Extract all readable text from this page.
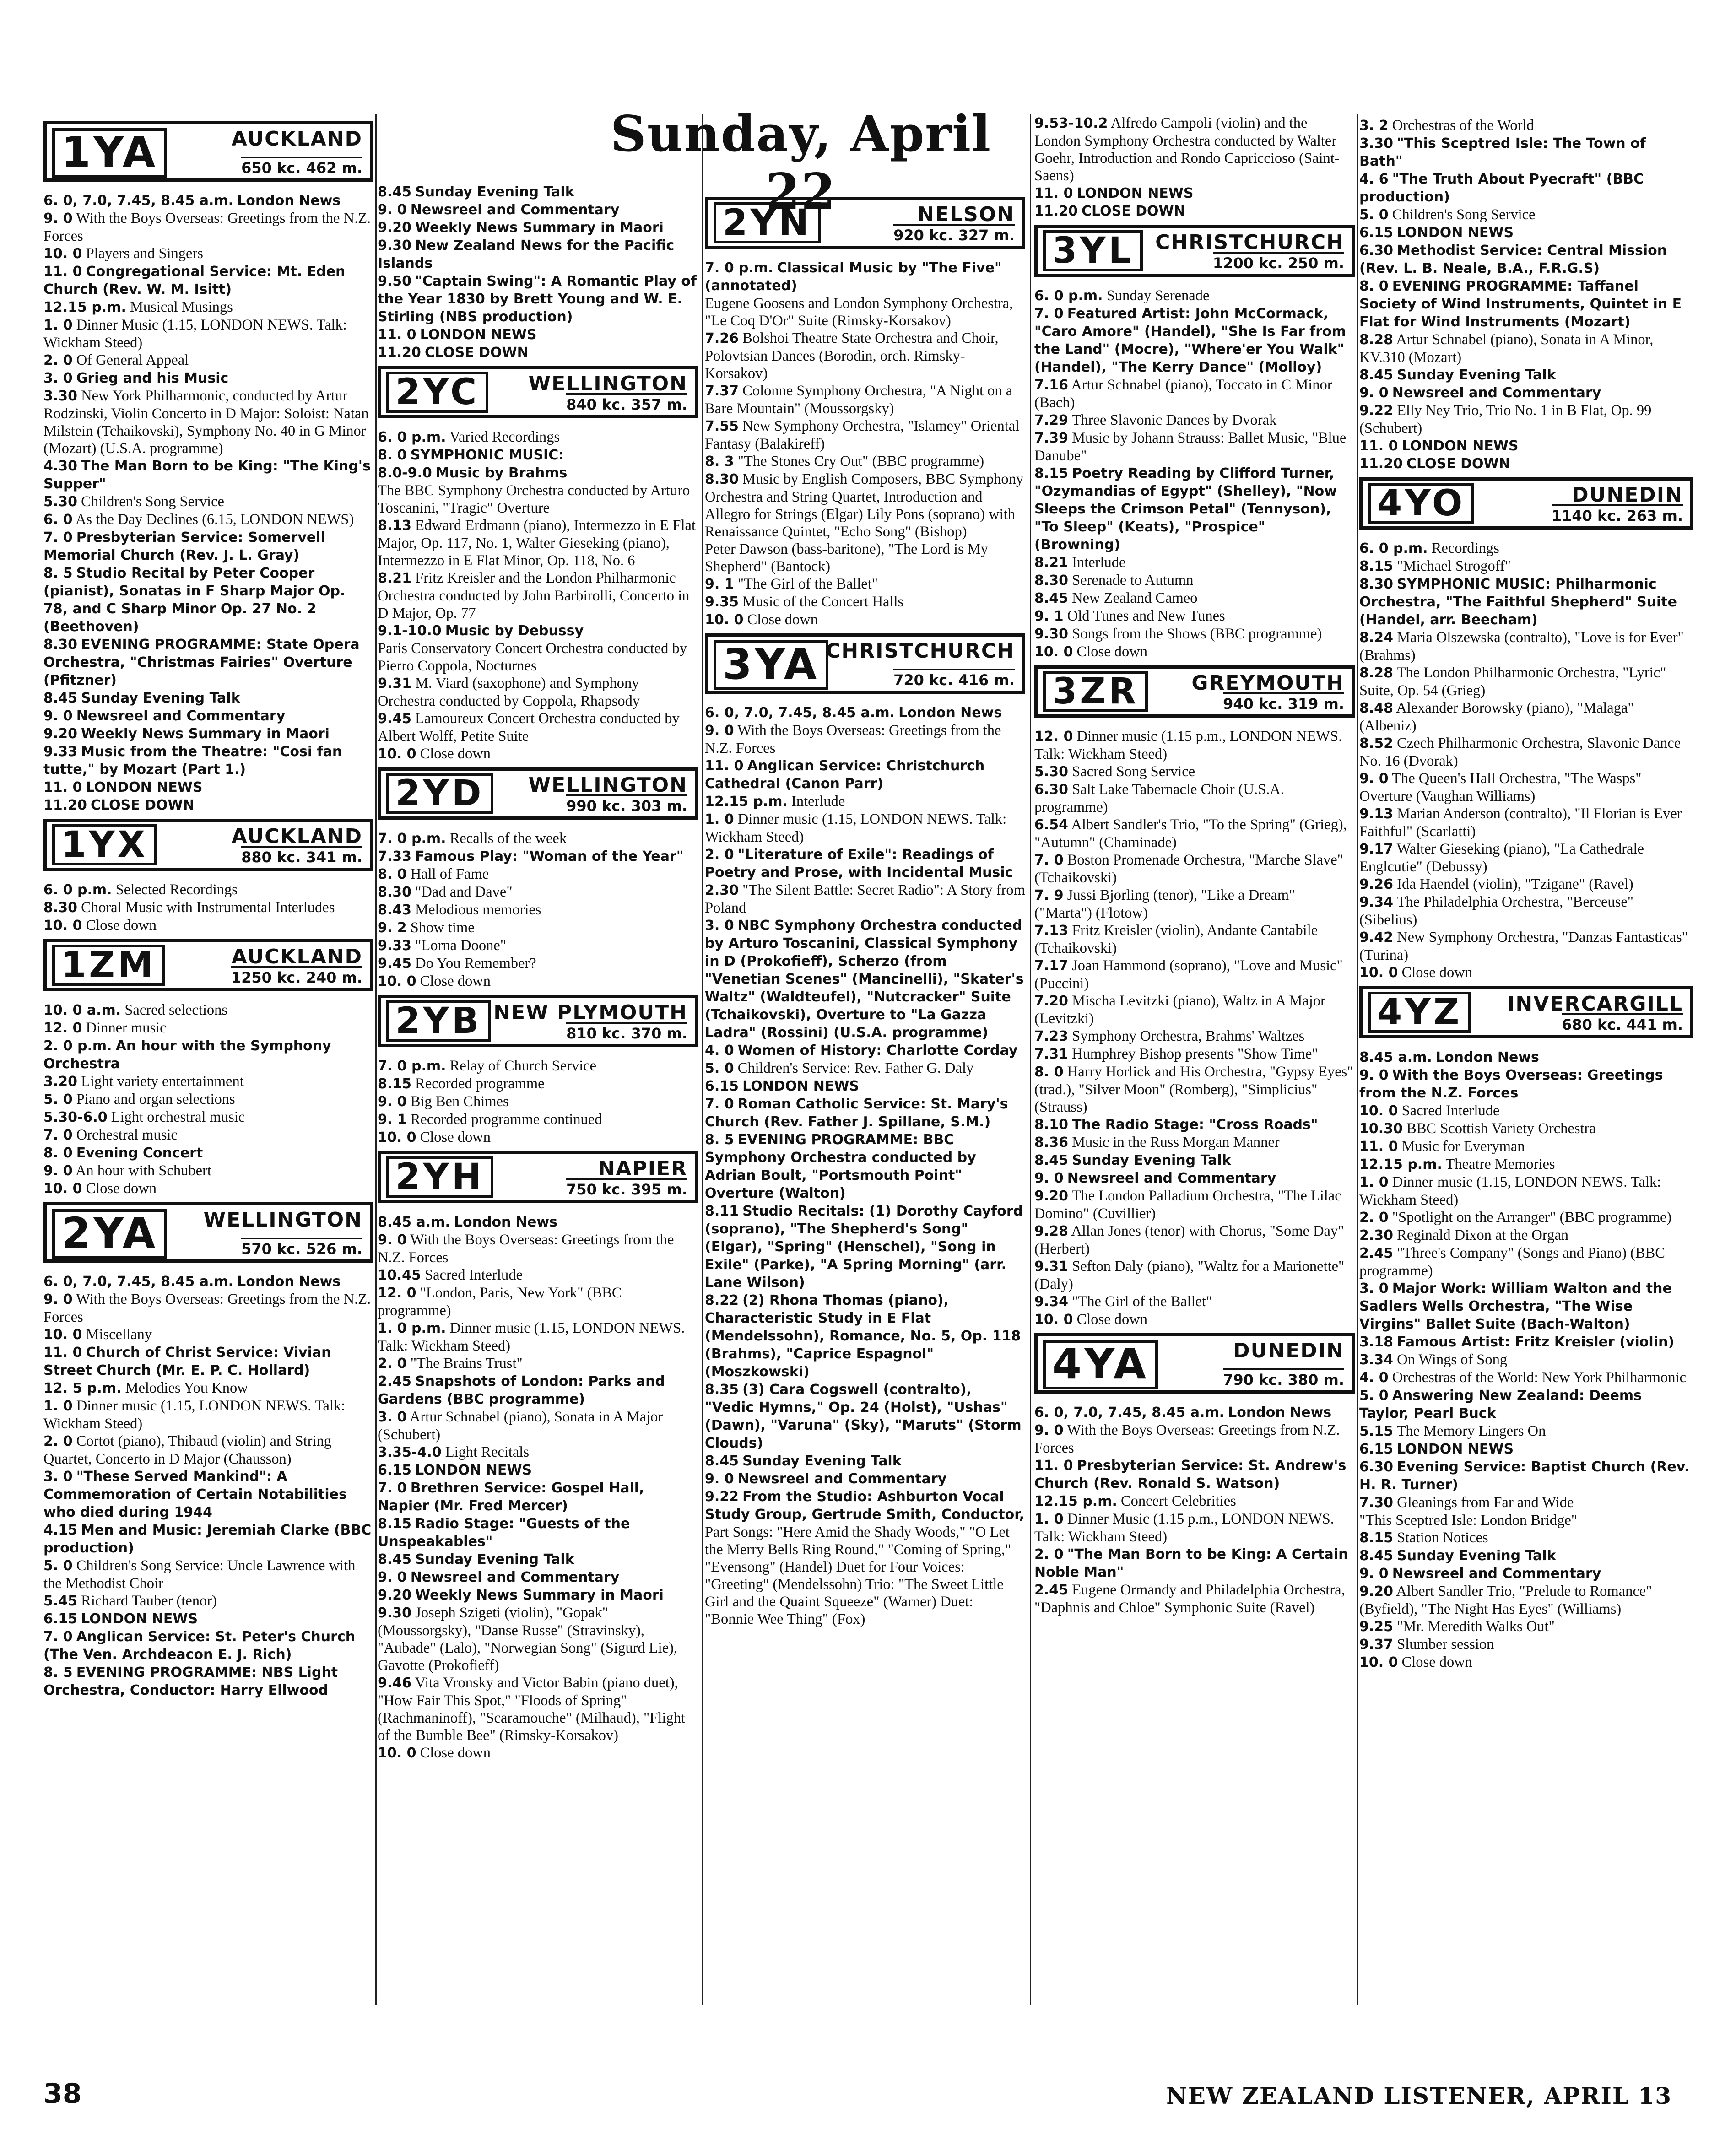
Sunday, April 22
1YA	AUCKLAND
650 kc. 462 m.

6. 0, 7.0, 7.45, 8.45 a.m. London News

9. 0 With the Boys Overseas: Greetings from the N.Z. Forces

10. 0 Players and Singers

11. 0 Congregational Service: Mt. Eden Church (Rev. W. M. Isitt)

12.15 p.m. Musical Musings

1. 0 Dinner Music (1.15, LONDON NEWS. Talk: Wickham Steed)

2. 0 Of General Appeal

3. 0 Grieg and his Music

3.30 New York Philharmonic, conducted by Artur Rodzinski, Violin Concerto in D Major: Soloist: Natan Milstein (Tchaikovski), Symphony No. 40 in G Minor (Mozart) (U.S.A. programme)

4.30 The Man Born to be King: "The King's Supper"

5.30 Children's Song Service

6. 0 As the Day Declines (6.15, LONDON NEWS)

7. 0 Presbyterian Service: Somervell Memorial Church (Rev. J. L. Gray)

8. 5 Studio Recital by Peter Cooper (pianist), Sonatas in F Sharp Major Op. 78, and C Sharp Minor Op. 27 No. 2 (Beethoven)

8.30 EVENING PROGRAMME: State Opera Orchestra, "Christmas Fairies" Overture (Pfitzner)

8.45 Sunday Evening Talk

9. 0 Newsreel and Commentary

9.20 Weekly News Summary in Maori

9.33 Music from the Theatre: "Cosi fan tutte," by Mozart (Part 1.)

11. 0 LONDON NEWS

11.20 CLOSE DOWN

1YX	AUCKLAND
880 kc. 341 m.

6. 0 p.m. Selected Recordings

8.30 Choral Music with Instrumental Interludes

10. 0 Close down

1ZM	AUCKLAND
1250 kc. 240 m.

10. 0 a.m. Sacred selections

12. 0 Dinner music

2. 0 p.m. An hour with the Symphony Orchestra

3.20 Light variety entertainment

5. 0 Piano and organ selections

5.30-6.0 Light orchestral music

7. 0 Orchestral music

8. 0 Evening Concert

9. 0 An hour with Schubert

10. 0 Close down

2YA	WELLINGTON
570 kc. 526 m.

6. 0, 7.0, 7.45, 8.45 a.m. London News

9. 0 With the Boys Overseas: Greetings from the N.Z. Forces

10. 0 Miscellany

11. 0 Church of Christ Service: Vivian Street Church (Mr. E. P. C. Hollard)

12. 5 p.m. Melodies You Know

1. 0 Dinner music (1.15, LONDON NEWS. Talk: Wickham Steed)

2. 0 Cortot (piano), Thibaud (violin) and String Quartet, Concerto in D Major (Chausson)

3. 0 "These Served Mankind": A Commemoration of Certain Notabilities who died during 1944

4.15 Men and Music: Jeremiah Clarke (BBC production)

5. 0 Children's Song Service: Uncle Lawrence with the Methodist Choir

5.45 Richard Tauber (tenor)

6.15 LONDON NEWS

7. 0 Anglican Service: St. Peter's Church (The Ven. Archdeacon E. J. Rich)

8. 5 EVENING PROGRAMME: NBS Light Orchestra, Conductor: Harry Ellwood

8.45 Sunday Evening Talk

9. 0 Newsreel and Commentary

9.20 Weekly News Summary in Maori

9.30 New Zealand News for the Pacific Islands

9.50 "Captain Swing": A Romantic Play of the Year 1830 by Brett Young and W. E. Stirling (NBS production)

11. 0 LONDON NEWS

11.20 CLOSE DOWN

2YC	WELLINGTON
840 kc. 357 m.

6. 0 p.m. Varied Recordings

8. 0 SYMPHONIC MUSIC:

8.0-9.0 Music by Brahms

The BBC Symphony Orchestra conducted by Arturo Toscanini, "Tragic" Overture

8.13 Edward Erdmann (piano), Intermezzo in E Flat Major, Op. 117, No. 1, Walter Gieseking (piano), Intermezzo in E Flat Minor, Op. 118, No. 6

8.21 Fritz Kreisler and the London Philharmonic Orchestra conducted by John Barbirolli, Concerto in D Major, Op. 77

9.1-10.0 Music by Debussy

Paris Conservatory Concert Orchestra conducted by Pierro Coppola, Nocturnes

9.31 M. Viard (saxophone) and Symphony Orchestra conducted by Coppola, Rhapsody

9.45 Lamoureux Concert Orchestra conducted by Albert Wolff, Petite Suite

10. 0 Close down

2YD	WELLINGTON
990 kc. 303 m.

7. 0 p.m. Recalls of the week

7.33 Famous Play: "Woman of the Year"

8. 0 Hall of Fame

8.30 "Dad and Dave"

8.43 Melodious memories

9. 2 Show time

9.33 "Lorna Doone"

9.45 Do You Remember?

10. 0 Close down

2YB NEW PLYMOUTH
810 kc. 370 m.

7. 0 p.m. Relay of Church Service

8.15 Recorded programme

9. 0 Big Ben Chimes

9. 1 Recorded programme continued

10. 0 Close down

2YH	NAPIER
750 kc. 395 m.

8.45 a.m. London News

9. 0 With the Boys Overseas: Greetings from the N.Z. Forces

10.45 Sacred Interlude

12. 0 "London, Paris, New York" (BBC programme)

1. 0 p.m. Dinner music (1.15, LONDON NEWS. Talk: Wickham Steed)

2. 0 "The Brains Trust"

2.45 Snapshots of London: Parks and Gardens (BBC programme)

3. 0 Artur Schnabel (piano), Sonata in A Major (Schubert)

3.35-4.0 Light Recitals

6.15 LONDON NEWS

7. 0 Brethren Service: Gospel Hall, Napier (Mr. Fred Mercer)

8.15 Radio Stage: "Guests of the Unspeakables"

8.45 Sunday Evening Talk

9. 0 Newsreel and Commentary

9.20 Weekly News Summary in Maori

9.30 Joseph Szigeti (violin), "Gopak" (Moussorgsky), "Danse Russe" (Stravinsky), "Aubade" (Lalo), "Norwegian Song" (Sigurd Lie), Gavotte (Prokofieff)

9.46 Vita Vronsky and Victor Babin (piano duet), "How Fair This Spot," "Floods of Spring" (Rachmaninoff), "Scaramouche" (Milhaud), "Flight of the Bumble Bee" (Rimsky-Korsakov)

10. 0 Close down

2YN	NELSON
920 kc. 327 m.

7. 0 p.m. Classical Music by "The Five" (annotated)

Eugene Goosens and London Symphony Orchestra, "Le Coq D'Or" Suite (Rimsky-Korsakov)

7.26 Bolshoi Theatre State Orchestra and Choir, Polovtsian Dances (Borodin, orch. Rimsky-Korsakov)

7.37 Colonne Symphony Orchestra, "A Night on a Bare Mountain" (Moussorgsky)

7.55 New Symphony Orchestra, "Islamey" Oriental Fantasy (Balakireff)

8. 3 "The Stones Cry Out" (BBC programme)

8.30 Music by English Composers, BBC Symphony Orchestra and String Quartet, Introduction and Allegro for Strings (Elgar) Lily Pons (soprano) with Renaissance Quintet, "Echo Song" (Bishop)

Peter Dawson (bass-baritone), "The Lord is My Shepherd" (Bantock)

9. 1 "The Girl of the Ballet"

9.35 Music of the Concert Halls

10. 0 Close down

3YA CHRISTCHURCH
720 kc. 416 m.

6. 0, 7.0, 7.45, 8.45 a.m. London News

9. 0 With the Boys Overseas: Greetings from the N.Z. Forces

11. 0 Anglican Service: Christchurch Cathedral (Canon Parr)

12.15 p.m. Interlude

1. 0 Dinner music (1.15, LONDON NEWS. Talk: Wickham Steed)

2. 0 "Literature of Exile": Readings of Poetry and Prose, with Incidental Music

2.30 "The Silent Battle: Secret Radio": A Story from Poland

3. 0 NBC Symphony Orchestra conducted by Arturo Toscanini, Classical Symphony in D (Prokofieff), Scherzo (from "Venetian Scenes" (Mancinelli), "Skater's Waltz" (Waldteufel), "Nutcracker" Suite (Tchaikovski), Overture to "La Gazza Ladra" (Rossini) (U.S.A. programme)

4. 0 Women of History: Charlotte Corday

5. 0 Children's Service: Rev. Father G. Daly

6.15 LONDON NEWS

7. 0 Roman Catholic Service: St. Mary's Church (Rev. Father J. Spillane, S.M.)

8. 5 EVENING PROGRAMME: BBC Symphony Orchestra conducted by Adrian Boult, "Portsmouth Point" Overture (Walton)

8.11 Studio Recitals: (1) Dorothy Cayford (soprano), "The Shepherd's Song" (Elgar), "Spring" (Henschel), "Song in Exile" (Parke), "A Spring Morning" (arr. Lane Wilson)

8.22 (2) Rhona Thomas (piano), Characteristic Study in E Flat (Mendelssohn), Romance, No. 5, Op. 118 (Brahms), "Caprice Espagnol" (Moszkowski)

8.35 (3) Cara Cogswell (contralto), "Vedic Hymns," Op. 24 (Holst), "Ushas" (Dawn), "Varuna" (Sky), "Maruts" (Storm Clouds)

8.45 Sunday Evening Talk

9. 0 Newsreel and Commentary

9.22 From the Studio: Ashburton Vocal Study Group, Gertrude Smith, Conductor,

Part Songs: "Here Amid the Shady Woods," "O Let the Merry Bells Ring Round," "Coming of Spring," "Evensong" (Handel) Duet for Four Voices: "Greeting" (Mendelssohn) Trio: "The Sweet Little Girl and the Quaint Squeeze" (Warner) Duet: "Bonnie Wee Thing" (Fox)

9.53-10.2 Alfredo Campoli (violin) and the London Symphony Orchestra conducted by Walter Goehr, Introduction and Rondo Capriccioso (Saint-Saens)

11. 0 LONDON NEWS

11.20 CLOSE DOWN

3YL	CHRISTCHURCH
1200 kc. 250 m.

6. 0 p.m. Sunday Serenade

7. 0 Featured Artist: John McCormack, "Caro Amore" (Handel), "She Is Far from the Land" (Mocre), "Where'er You Walk" (Handel), "The Kerry Dance" (Molloy)

7.16 Artur Schnabel (piano), Toccato in C Minor (Bach)

7.29 Three Slavonic Dances by Dvorak

7.39 Music by Johann Strauss: Ballet Music, "Blue Danube"

8.15 Poetry Reading by Clifford Turner, "Ozymandias of Egypt" (Shelley), "Now Sleeps the Crimson Petal" (Tennyson), "To Sleep" (Keats), "Prospice" (Browning)

8.21 Interlude

8.30 Serenade to Autumn

8.45 New Zealand Cameo

9. 1 Old Tunes and New Tunes

9.30 Songs from the Shows (BBC programme)

10. 0 Close down

3ZR	GREYMOUTH
940 kc. 319 m.

12. 0 Dinner music (1.15 p.m., LONDON NEWS. Talk: Wickham Steed)

5.30 Sacred Song Service

6.30 Salt Lake Tabernacle Choir (U.S.A. programme)

6.54 Albert Sandler's Trio, "To the Spring" (Grieg), "Autumn" (Chaminade)

7. 0 Boston Promenade Orchestra, "Marche Slave" (Tchaikovski)

7. 9 Jussi Bjorling (tenor), "Like a Dream" ("Marta") (Flotow)

7.13 Fritz Kreisler (violin), Andante Cantabile (Tchaikovski)

7.17 Joan Hammond (soprano), "Love and Music" (Puccini)

7.20 Mischa Levitzki (piano), Waltz in A Major (Levitzki)

7.23 Symphony Orchestra, Brahms' Waltzes

7.31 Humphrey Bishop presents "Show Time"

8. 0 Harry Horlick and His Orchestra, "Gypsy Eyes" (trad.), "Silver Moon" (Romberg), "Simplicius" (Strauss)

8.10 The Radio Stage: "Cross Roads"

8.36 Music in the Russ Morgan Manner

8.45 Sunday Evening Talk

9. 0 Newsreel and Commentary

9.20 The London Palladium Orchestra, "The Lilac Domino" (Cuvillier)

9.28 Allan Jones (tenor) with Chorus, "Some Day" (Herbert)

9.31 Sefton Daly (piano), "Waltz for a Marionette" (Daly)

9.34 "The Girl of the Ballet"

10. 0 Close down

4YA	DUNEDIN
790 kc. 380 m.

6. 0, 7.0, 7.45, 8.45 a.m. London News

9. 0 With the Boys Overseas: Greetings from N.Z. Forces

11. 0 Presbyterian Service: St. Andrew's Church (Rev. Ronald S. Watson)

12.15 p.m. Concert Celebrities

1. 0 Dinner Music (1.15 p.m., LONDON NEWS. Talk: Wickham Steed)

2. 0 "The Man Born to be King: A Certain Noble Man"

2.45 Eugene Ormandy and Philadelphia Orchestra, "Daphnis and Chloe" Symphonic Suite (Ravel)

3. 2 Orchestras of the World

3.30 "This Sceptred Isle: The Town of Bath"

4. 6 "The Truth About Pyecraft" (BBC production)

5. 0 Children's Song Service

6.15 LONDON NEWS

6.30 Methodist Service: Central Mission (Rev. L. B. Neale, B.A., F.R.G.S)

8. 0 EVENING PROGRAMME: Taffanel Society of Wind Instruments, Quintet in E Flat for Wind Instruments (Mozart)

8.28 Artur Schnabel (piano), Sonata in A Minor, KV.310 (Mozart)

8.45 Sunday Evening Talk

9. 0 Newsreel and Commentary

9.22 Elly Ney Trio, Trio No. 1 in B Flat, Op. 99 (Schubert)

11. 0 LONDON NEWS

11.20 CLOSE DOWN

4YO	DUNEDIN
1140 kc. 263 m.

6. 0 p.m. Recordings

8.15 "Michael Strogoff"

8.30 SYMPHONIC MUSIC: Philharmonic Orchestra, "The Faithful Shepherd" Suite (Handel, arr. Beecham)

8.24 Maria Olszewska (contralto), "Love is for Ever" (Brahms)

8.28 The London Philharmonic Orchestra, "Lyric" Suite, Op. 54 (Grieg)

8.48 Alexander Borowsky (piano), "Malaga" (Albeniz)

8.52 Czech Philharmonic Orchestra, Slavonic Dance No. 16 (Dvorak)

9. 0 The Queen's Hall Orchestra, "The Wasps" Overture (Vaughan Williams)

9.13 Marian Anderson (contralto), "Il Florian is Ever Faithful" (Scarlatti)

9.17 Walter Gieseking (piano), "La Cathedrale Englcutie" (Debussy)

9.26 Ida Haendel (violin), "Tzigane" (Ravel)

9.34 The Philadelphia Orchestra, "Berceuse" (Sibelius)

9.42 New Symphony Orchestra, "Danzas Fantasticas" (Turina)

10. 0 Close down

4YZ	INVERCARGILL
680 kc. 441 m.

8.45 a.m. London News

9. 0 With the Boys Overseas: Greetings from the N.Z. Forces

10. 0 Sacred Interlude

10.30 BBC Scottish Variety Orchestra

11. 0 Music for Everyman

12.15 p.m. Theatre Memories

1. 0 Dinner music (1.15, LONDON NEWS. Talk: Wickham Steed)

2. 0 "Spotlight on the Arranger" (BBC programme)

2.30 Reginald Dixon at the Organ

2.45 "Three's Company" (Songs and Piano) (BBC programme)

3. 0 Major Work: William Walton and the Sadlers Wells Orchestra, "The Wise Virgins" Ballet Suite (Bach-Walton)

3.18 Famous Artist: Fritz Kreisler (violin)

3.34 On Wings of Song

4. 0 Orchestras of the World: New York Philharmonic

5. 0 Answering New Zealand: Deems Taylor, Pearl Buck

5.15 The Memory Lingers On

6.15 LONDON NEWS

6.30 Evening Service: Baptist Church (Rev. H. R. Turner)

7.30 Gleanings from Far and Wide

"This Sceptred Isle: London Bridge"

8.15 Station Notices

8.45 Sunday Evening Talk

9. 0 Newsreel and Commentary

9.20 Albert Sandler Trio, "Prelude to Romance" (Byfield), "The Night Has Eyes" (Williams)

9.25 "Mr. Meredith Walks Out"

9.37 Slumber session

10. 0 Close down

38	NEW ZEALAND LISTENER, APRIL 13
